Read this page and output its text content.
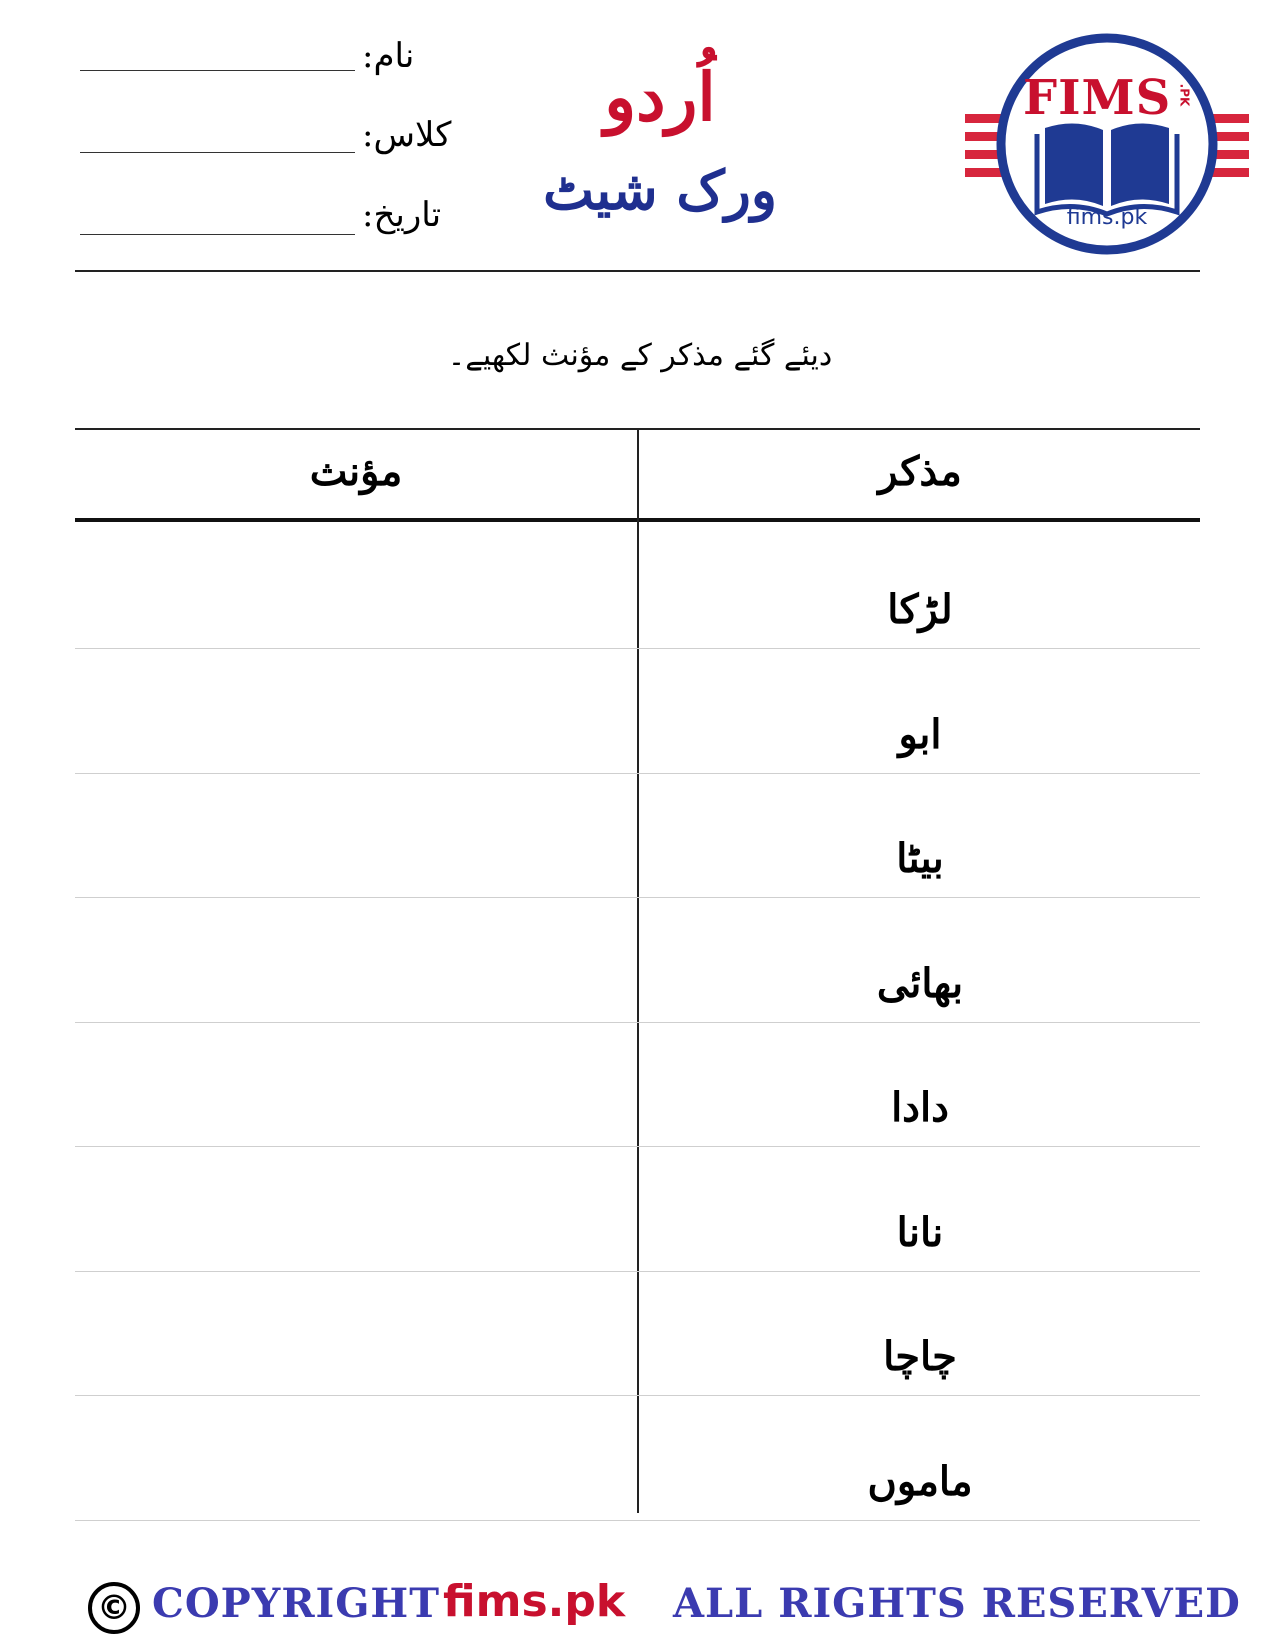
نام:
کلاس:
تاریخ:
اُردو
ورک شیٹ
FIMS .PK
fims.pk
دیئے گئے مذکر کے مؤنث لکھیے۔
مذکر
مؤنث
لڑکا
ابو
بیٹا
بھائی
دادا
نانا
چاچا
ماموں
© COPYRIGHT fims.pk ALL RIGHTS RESERVED
